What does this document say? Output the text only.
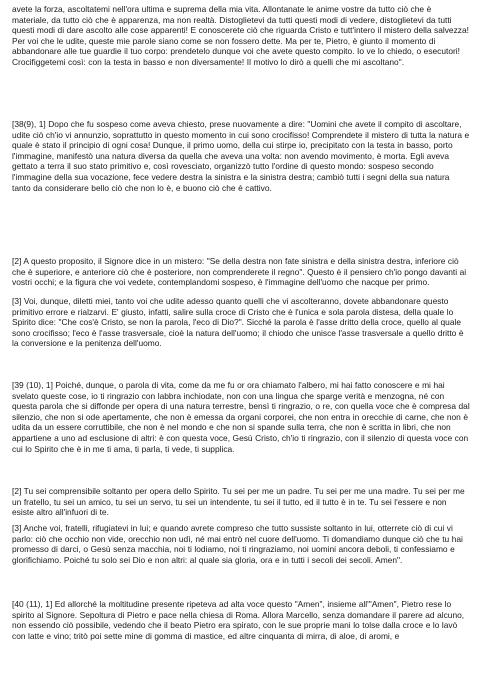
avete la forza, ascoltatemi nell'ora ultima e suprema della mia vita. Allontanate le anime vostre da tutto ciò che è materiale, da tutto ciò che è apparenza, ma non realtà. Distoglietevi da tutti questi modi di vedere, distoglietevi da tutti questi modi di dare ascolto alle cose apparenti! E conoscerete ciò che riguarda Cristo e tutt'intero il mistero della salvezza! Per voi che le udite, queste mie parole siano come se non fossero dette. Ma per te, Pietro, è giunto il momento di abbandonare alle tue guardie il tuo corpo: prendetelo dunque voi che avete questo compito. Io ve lo chiedo, o esecutori! Crocifiggetemi così: con la testa in basso e non diversamente! Il motivo lo dirò a quelli che mi ascoltano".

[38(9), 1] Dopo che fu sospeso come aveva chiesto, prese nuovamente a dire: "Uomini che avete il compito di ascoltare, udite ciò ch'io vi annunzio, soprattutto in questo momento in cui sono crocifisso! Comprendete il mistero di tutta la natura e quale è stato il principio di ogni cosa! Dunque, il primo uomo, della cui stirpe io, precipitato con la testa in basso, porto l'immagine, manifestò una natura diversa da quella che aveva una volta: non avendo movimento, è morta. Egli aveva gettato a terra il suo stato primitivo e, così rovesciato, organizzò tutto l'ordine di questo mondo: sospeso secondo l'immagine della sua vocazione, fece vedere destra la sinistra e la sinistra destra; cambiò tutti i segni della sua natura tanto da considerare bello ciò che non lo è, e buono ciò che è cattivo.

[2] A questo proposito, il Signore dice in un mistero: "Se della destra non fate sinistra e della sinistra destra, inferiore ciò che è superiore, e anteriore ciò che è posteriore, non comprenderete il regno". Questo è il pensiero ch'io pongo davanti ai vostri occhi; e la figura che voi vedete, contemplandomi sospeso, è l'immagine dell'uomo che nacque per primo.

[3] Voi, dunque, diletti miei, tanto voi che udite adesso quanto quelli che vi ascolteranno, dovete abbandonare questo primitivo errore e rialzarvi. E' giusto, infatti, salire sulla croce di Cristo che è l'unica e sola parola distesa, della quale lo Spirito dice: "Che cos'è Cristo, se non la parola, l'eco di Dio?". Sicché la parola è l'asse dritto della croce, quello al quale sono crocifisso; l'eco è l'asse trasversale, cioè la natura dell'uomo; il chiodo che unisce l'asse trasversale a quello dritto è la conversione e la penitenza dell'uomo.

[39 (10), 1] Poiché, dunque, o parola di vita, come da me fu or ora chiamato l'albero, mi hai fatto conoscere e mi hai svelato queste cose, io ti ringrazio con labbra inchiodate, non con una lingua che sparge verità e menzogna, né con questa parola che si diffonde per opera di una natura terrestre, bensì ti ringrazio, o re, con quella voce che è compresa dal silenzio, che non si ode apertamente, che non è emessa da organi corporei, che non entra in orecchie di carne, che non è udita da un essere corruttibile, che non è nel mondo e che non si spande sulla terra, che non è scritta in libri, che non appartiene a uno ad esclusione di altri: è con questa voce, Gesù Cristo, ch'io ti ringrazio, con il silenzio di questa voce con cui lo Spirito che è in me ti ama, ti parla, ti vede, ti supplica.

[2] Tu sei comprensibile soltanto per opera dello Spirito. Tu sei per me un padre. Tu sei per me una madre. Tu sei per me un fratello, tu sei un amico, tu sei un servo, tu sei un intendente, tu sei il tutto, ed il tutto è in te. Tu sei l'essere e non esiste altro all'infuori di te.

[3] Anche voi, fratelli, rifugiatevi in lui; e quando avrete compreso che tutto sussiste soltanto in lui, otterrete ciò di cui vi parlo: ciò che occhio non vide, orecchio non udì, né mai entrò nel cuore dell'uomo. Ti domandiamo dunque ciò che tu hai promesso di darci, o Gesù senza macchia, noi ti lodiamo, noi ti ringraziamo, noi uomini ancora deboli, ti confessiamo e glorifichiamo. Poiché tu solo sei Dio e non altri: al quale sia gloria, ora e in tutti i secoli dei secoli. Amen".

[40 (11), 1] Ed allorché la moltitudine presente ripeteva ad alta voce questo "Amen", insieme all'"Amen", Pietro rese lo spirito al Signore. Sepoltura di Pietro e pace nella chiesa di Roma. Allora Marcello, senza domandare il parere ad alcuno, non essendo ciò possibile, vedendo che il beato Pietro era spirato, con le sue proprie mani lo tolse dalla croce e lo lavò con latte e vino; tritò poi sette mine di gomma di mastice, ed altre cinquanta di mirra, di aloe, di aromi, e
